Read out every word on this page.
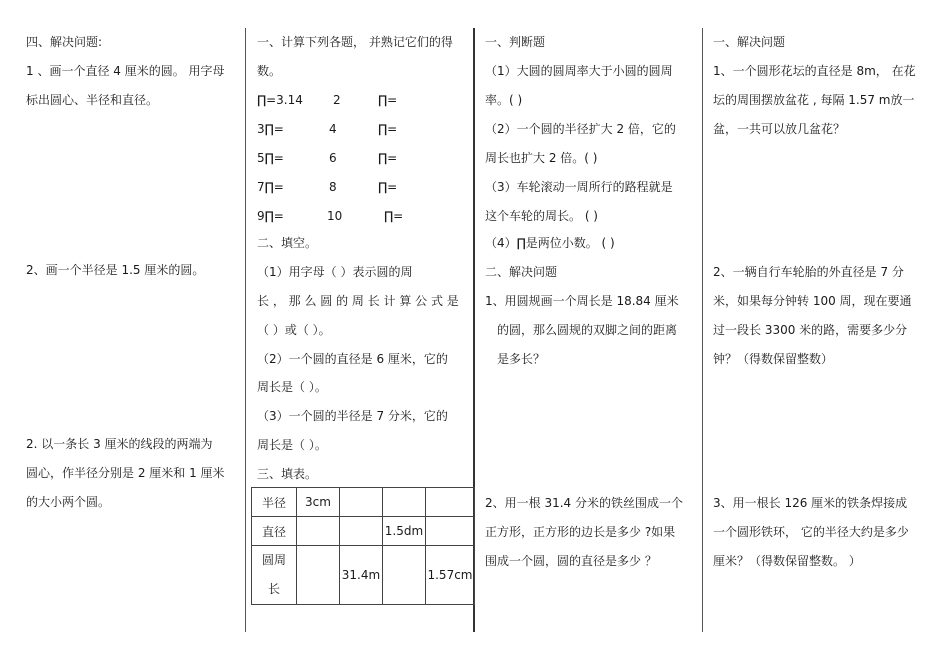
四、解决问题:

1 、画一个直径 4 厘米的圆。 用字母

标出圆心、半径和直径。

2、画一个半径是 1.5 厘米的圆。

2. 以一条长 3 厘米的线段的两端为

圆心，作半径分别是 2 厘米和 1 厘米

的大小两个圆。

一、计算下列各题， 并熟记它们的得

数。

∏=3.14	2	∏=

3∏=	4	∏=

5∏=	6	∏=

7∏=	8	∏=

9∏=	10	∏=

二、填空。

（1）用字母（ ）表示圆的周

长 ， 那 么 圆 的 周 长 计 算 公 式 是

（ ）或（ ）。

（2）一个圆的直径是 6 厘米，它的

周长是（ ）。

（3）一个圆的半径是 7 分米，它的

周长是（ ）。

三、填表。

半径	3cm			
直径			1.5dm	

圆周
长		31.4m		1.57cm

一、判断题

（1）大圆的圆周率大于小圆的圆周

率。( )

（2）一个圆的半径扩大 2 倍，它的

周长也扩大 2 倍。( )

（3）车轮滚动一周所行的路程就是

这个车轮的周长。 ( )

（4）∏是两位小数。 ( )

二、解决问题

1、用圆规画一个周长是 18.84 厘米

的圆，那么圆规的双脚之间的距离

是多长？

2、用一根 31.4 分米的铁丝围成一个

正方形，正方形的边长是多少 ?如果

围成一个圆，圆的直径是多少 ？

一、解决问题

1、一个圆形花坛的直径是 8m， 在花

坛的周围摆放盆花 , 每隔 1.57 m放一

盆，一共可以放几盆花？

2、一辆自行车轮胎的外直径是 7 分

米，如果每分钟转 100 周，现在要通

过一段长 3300 米的路，需要多少分

钟？（得数保留整数）

3、用一根长 126 厘米的铁条焊接成

一个圆形铁环， 它的半径大约是多少

厘米？（得数保留整数。 ）
